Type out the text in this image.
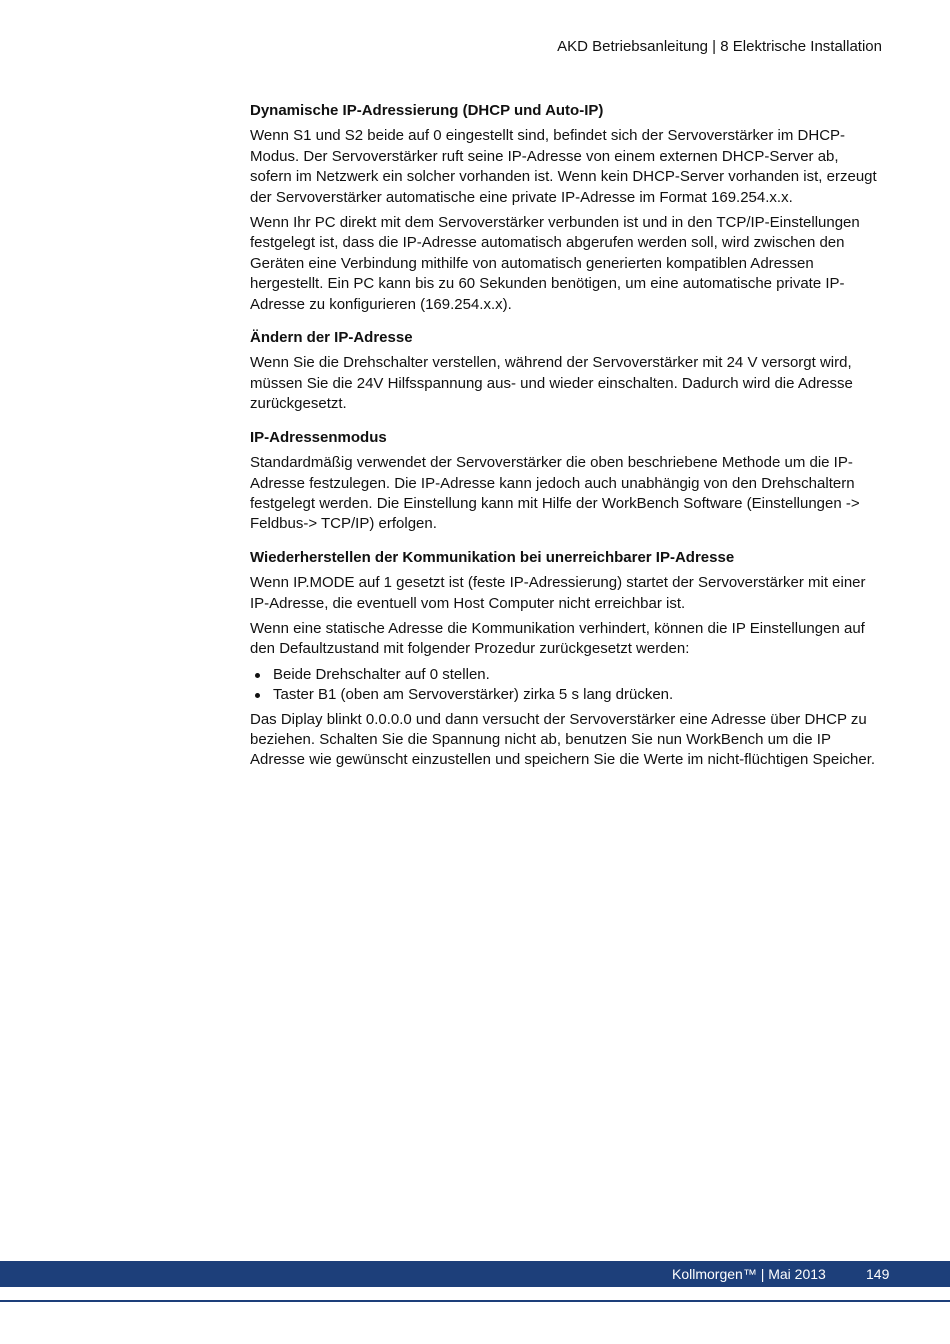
AKD Betriebsanleitung | 8 Elektrische Installation
Dynamische IP-Adressierung (DHCP und Auto-IP)
Wenn S1 und S2 beide auf 0 eingestellt sind, befindet sich der Servoverstärker im DHCP-Modus. Der Servoverstärker ruft seine IP-Adresse von einem externen DHCP-Server ab, sofern im Netzwerk ein solcher vorhanden ist. Wenn kein DHCP-Server vorhanden ist, erzeugt der Servoverstärker automatische eine private IP-Adresse im Format 169.254.x.x.
Wenn Ihr PC direkt mit dem Servoverstärker verbunden ist und in den TCP/IP-Einstellungen festgelegt ist, dass die IP-Adresse automatisch abgerufen werden soll, wird zwischen den Geräten eine Verbindung mithilfe von automatisch generierten kompatiblen Adressen hergestellt. Ein PC kann bis zu 60 Sekunden benötigen, um eine automatische private IP-Adresse zu konfigurieren (169.254.x.x).
Ändern der IP-Adresse
Wenn Sie die Drehschalter verstellen, während der Servoverstärker mit 24 V versorgt wird, müssen Sie die 24V Hilfsspannung aus- und wieder einschalten. Dadurch wird die Adresse zurückgesetzt.
IP-Adressenmodus
Standardmäßig verwendet der Servoverstärker die oben beschriebene Methode um die IP-Adresse festzulegen. Die IP-Adresse kann jedoch auch unabhängig von den Drehschaltern festgelegt werden. Die Einstellung kann mit Hilfe der WorkBench Software (Einstellungen -> Feldbus-> TCP/IP) erfolgen.
Wiederherstellen der Kommunikation bei unerreichbarer IP-Adresse
Wenn IP.MODE auf 1 gesetzt ist (feste IP-Adressierung) startet der Servoverstärker mit einer IP-Adresse, die eventuell vom Host Computer nicht erreichbar ist.
Wenn eine statische Adresse die Kommunikation verhindert, können die IP Einstellungen auf den Defaultzustand mit folgender Prozedur zurückgesetzt werden:
Beide Drehschalter auf 0 stellen.
Taster B1 (oben am Servoverstärker) zirka 5 s lang drücken.
Das Diplay blinkt 0.0.0.0 und dann versucht der Servoverstärker eine Adresse über DHCP zu beziehen. Schalten Sie die Spannung nicht ab, benutzen Sie nun WorkBench um die IP Adresse wie gewünscht einzustellen und speichern Sie die Werte im nicht-flüchtigen Speicher.
Kollmorgen™ | Mai 2013	149
